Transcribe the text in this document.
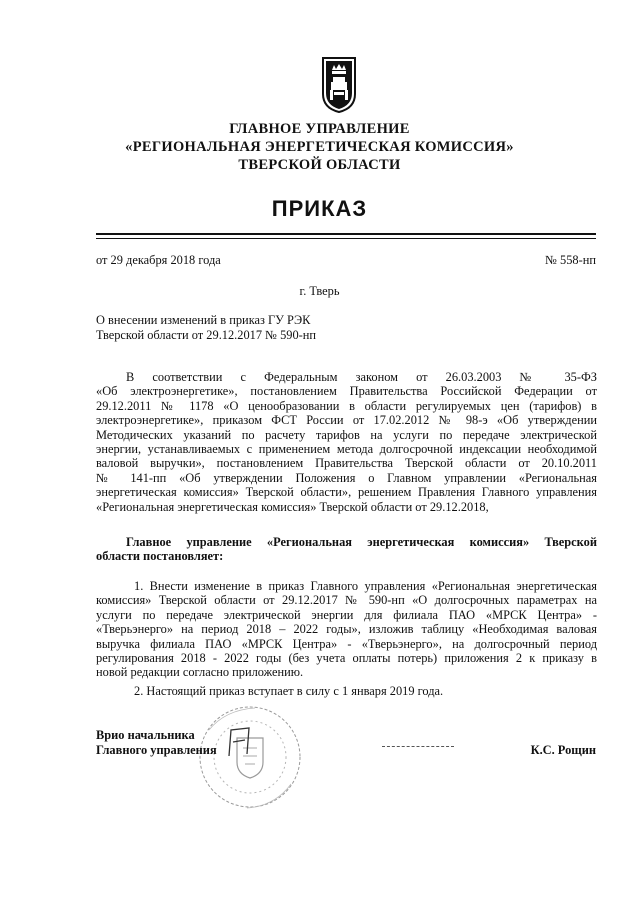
ГЛАВНОЕ УПРАВЛЕНИЕ
«РЕГИОНАЛЬНАЯ ЭНЕРГЕТИЧЕСКАЯ КОМИССИЯ»
ТВЕРСКОЙ ОБЛАСТИ
ПРИКАЗ
от 29 декабря 2018 года	№ 558-нп
г. Тверь
О внесении изменений в приказ ГУ РЭК
Тверской области от 29.12.2017 № 590-нп
В соответствии с Федеральным законом от 26.03.2003 № 35-ФЗ
«Об электроэнергетике», постановлением Правительства Российской Федерации от
29.12.2011 № 1178 «О ценообразовании в области регулируемых цен (тарифов) в
электроэнергетике», приказом ФСТ России от 17.02.2012 № 98-э «Об утверждении
Методических указаний по расчету тарифов на услуги по передаче электрической
энергии, устанавливаемых с применением метода долгосрочной индексации необходимой
валовой выручки», постановлением Правительства Тверской области от 20.10.2011
№ 141-пп «Об утверждении Положения о Главном управлении «Региональная
энергетическая комиссия» Тверской области», решением Правления Главного управления
«Региональная энергетическая комиссия» Тверской области от 29.12.2018,
Главное управление «Региональная энергетическая комиссия» Тверской
области постановляет:
1. Внести изменение в приказ Главного управления «Региональная энергетическая
комиссия» Тверской области от 29.12.2017 № 590-нп «О долгосрочных параметрах на
услуги по передаче электрической энергии для филиала ПАО «МРСК Центра» -
«Тверьэнерго» на период 2018 – 2022 годы», изложив таблицу «Необходимая валовая
выручка филиала ПАО «МРСК Центра» - «Тверьэнерго», на долгосрочный период
регулирования 2018 - 2022 годы (без учета оплаты потерь) приложения 2 к приказу в
новой редакции согласно приложению.
2. Настоящий приказ вступает в силу с 1 января 2019 года.
Врио начальника
Главного управления	К.С. Рощин
